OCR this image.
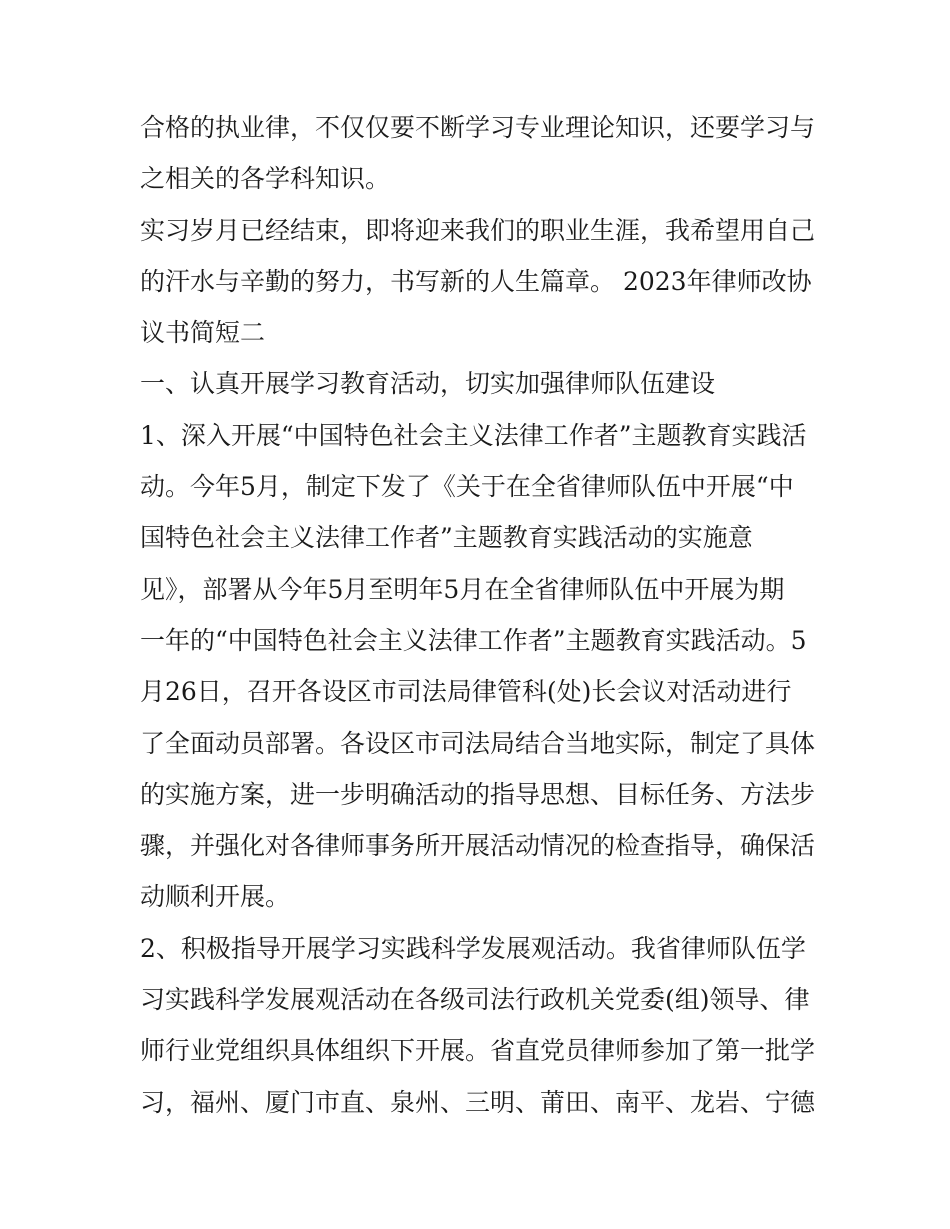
合格的执业律，不仅仅要不断学习专业理论知识，还要学习与
之相关的各学科知识。
实习岁月已经结束，即将迎来我们的职业生涯，我希望用自己
的汗水与辛勤的努力，书写新的人生篇章。 2023年律师改协
议书简短二
一、认真开展学习教育活动，切实加强律师队伍建设
1、深入开展“中国特色社会主义法律工作者”主题教育实践活
动。今年5月，制定下发了《关于在全省律师队伍中开展“中
国特色社会主义法律工作者”主题教育实践活动的实施意
见》，部署从今年5月至明年5月在全省律师队伍中开展为期
一年的“中国特色社会主义法律工作者”主题教育实践活动。5
月26日，召开各设区市司法局律管科(处)长会议对活动进行
了全面动员部署。各设区市司法局结合当地实际，制定了具体
的实施方案，进一步明确活动的指导思想、目标任务、方法步
骤，并强化对各律师事务所开展活动情况的检查指导，确保活
动顺利开展。
2、积极指导开展学习实践科学发展观活动。我省律师队伍学
习实践科学发展观活动在各级司法行政机关党委(组)领导、律
师行业党组织具体组织下开展。省直党员律师参加了第一批学
习，福州、厦门市直、泉州、三明、莆田、南平、龙岩、宁德
